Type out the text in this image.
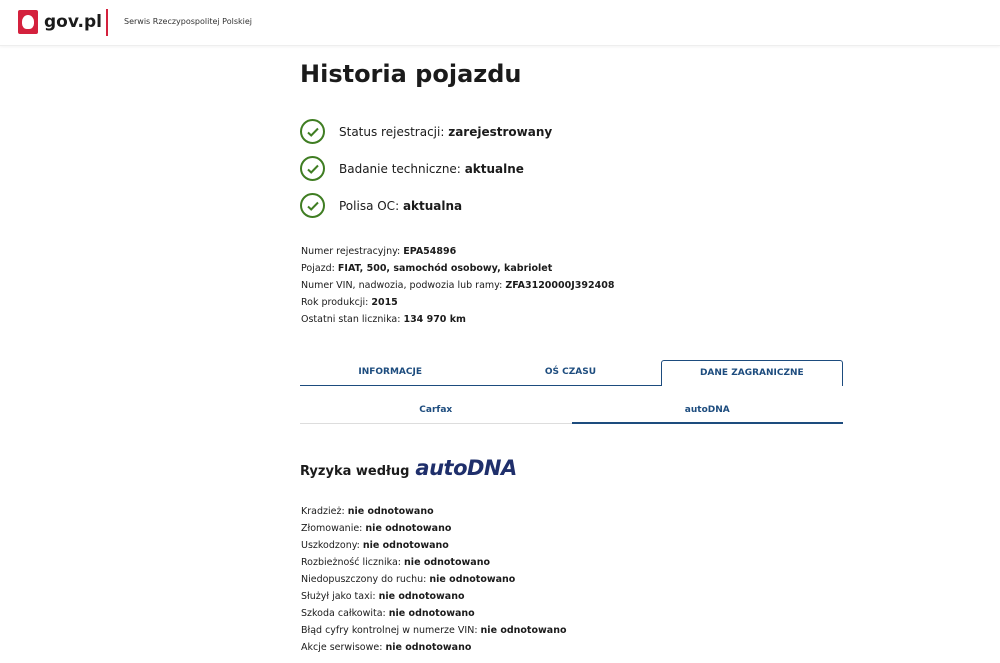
gov.pl	Serwis Rzeczypospolitej Polskiej
Historia pojazdu
Status rejestracji: zarejestrowany
Badanie techniczne: aktualne
Polisa OC: aktualna
Numer rejestracyjny: EPA54896
Pojazd: FIAT, 500, samochód osobowy, kabriolet
Numer VIN, nadwozia, podwozia lub ramy: ZFA3120000J392408
Rok produkcji: 2015
Ostatni stan licznika: 134 970 km
INFORMACJE	OŚ CZASU	DANE ZAGRANICZNE
Carfax	autoDNA
Ryzyka według autoDNA
Kradzież: nie odnotowano
Złomowanie: nie odnotowano
Uszkodzony: nie odnotowano
Rozbieżność licznika: nie odnotowano
Niedopuszczony do ruchu: nie odnotowano
Służył jako taxi: nie odnotowano
Szkoda całkowita: nie odnotowano
Błąd cyfry kontrolnej w numerze VIN: nie odnotowano
Akcje serwisowe: nie odnotowano
